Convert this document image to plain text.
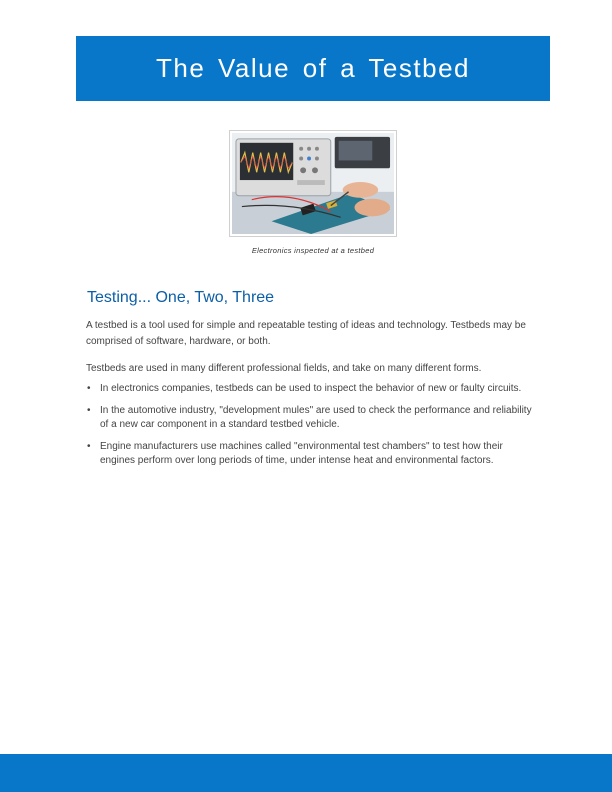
The Value of a Testbed
Electronics inspected at a testbed
Testing... One, Two, Three

A testbed is a tool used for simple and repeatable testing of ideas and technology. Testbeds may be comprised of software, hardware, or both.

Testbeds are used in many different professional fields, and take on many different forms.

• In electronics companies, testbeds can be used to inspect the behavior of new or faulty circuits.
• In the automotive industry, "development mules" are used to check the performance and reliability of a new car component in a standard testbed vehicle.
• Engine manufacturers use machines called "environmental test chambers" to test how their engines perform over long periods of time, under intense heat and environmental factors.
